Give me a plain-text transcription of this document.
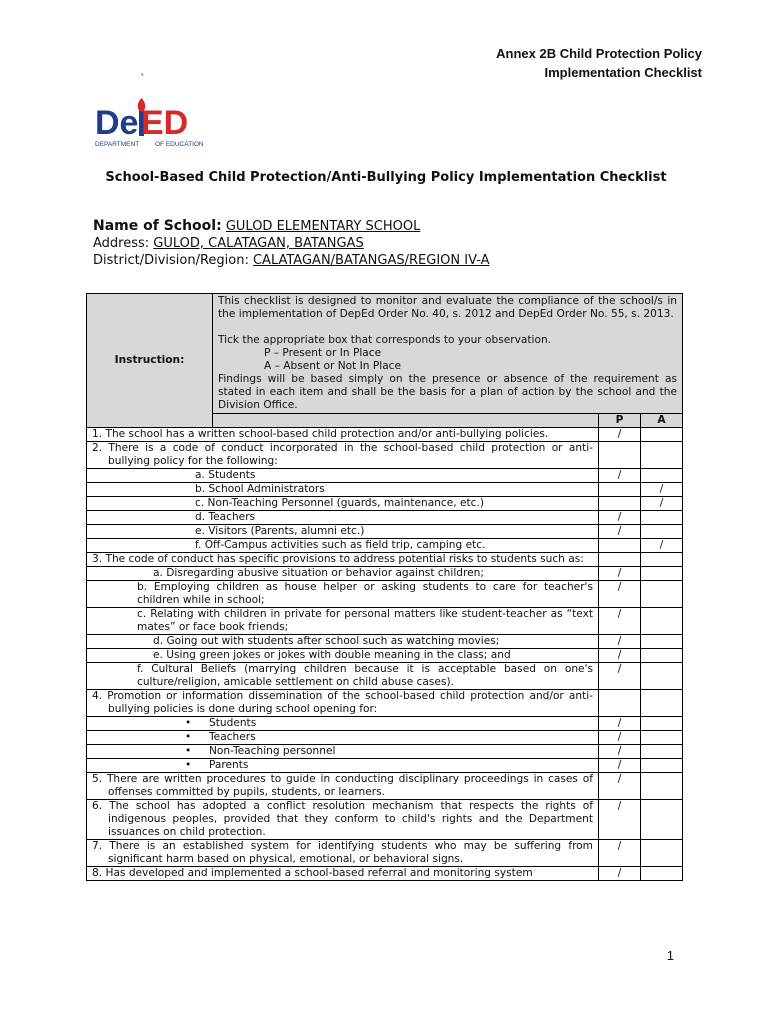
Annex 2B Child Protection Policy
Implementation Checklist
`
De ED
DEPARTMENT OF EDUCATION
School-Based Child Protection/Anti-Bullying Policy Implementation Checklist
Name of School: GULOD ELEMENTARY SCHOOL
Address: GULOD, CALATAGAN, BATANGAS
District/Division/Region: CALATAGAN/BATANGAS/REGION IV-A
Instruction:	This checklist is designed to monitor and evaluate the compliance of the school/s in the implementation of DepEd Order No. 40, s. 2012 and DepEd Order No. 55, s. 2013.

Tick the appropriate box that corresponds to your observation.

P – Present or In Place

A – Absent or Not In Place

Findings will be based simply on the presence or absence of the requirement as stated in each item and shall be the basis for a plan of action by the school and the Division Office.		

		P	A
1. The school has a written school-based child protection and/or anti-bullying policies.		/	
2. There is a code of conduct incorporated in the school-based child protection or anti-bullying policy for the following:			
a. Students		/	
b. School Administrators			/
c. Non-Teaching Personnel (guards, maintenance, etc.)			/
d. Teachers		/	
e. Visitors (Parents, alumni etc.)		/	
f. Off-Campus activities such as field trip, camping etc.			/
3. The code of conduct has specific provisions to address potential risks to students such as:			
a. Disregarding abusive situation or behavior against children;		/	
b. Employing children as house helper or asking students to care for teacher's children while in school;		/	
c. Relating with children in private for personal matters like student-teacher as “text mates” or face book friends;		/	
d. Going out with students after school such as watching movies;		/	
e. Using green jokes or jokes with double meaning in the class; and		/	
f. Cultural Beliefs (marrying children because it is acceptable based on one's culture/religion, amicable settlement on child abuse cases).		/	
4. Promotion or information dissemination of the school-based child protection and/or anti-bullying policies is done during school opening for:			
• Students		/	
• Teachers		/	
• Non-Teaching personnel		/	
• Parents		/	
5. There are written procedures to guide in conducting disciplinary proceedings in cases of offenses committed by pupils, students, or learners.		/	
6. The school has adopted a conflict resolution mechanism that respects the rights of indigenous peoples, provided that they conform to child's rights and the Department issuances on child protection.		/	
7. There is an established system for identifying students who may be suffering from significant harm based on physical, emotional, or behavioral signs.		/	
8. Has developed and implemented a school-based referral and monitoring system		/	
1
